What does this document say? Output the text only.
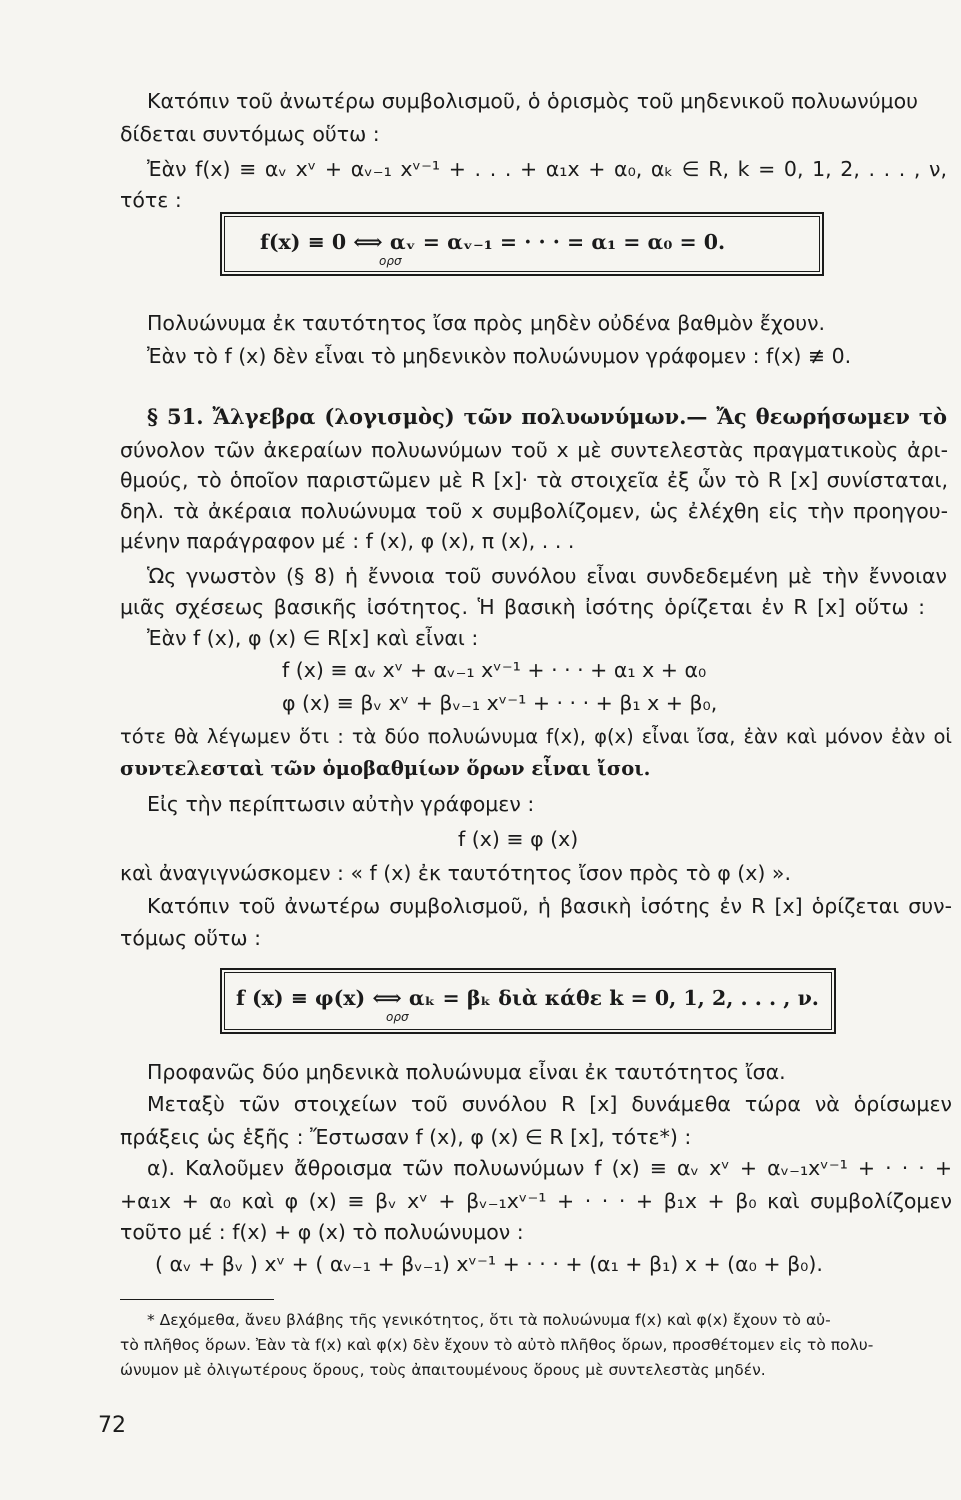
Κατόπιν τοῦ ἀνωτέρω συμβολισμοῦ, ὁ ὁρισμὸς τοῦ μηδενικοῦ πολυωνύμου
δίδεται συντόμως οὕτω :
Ἐὰν f(x) ≡ αᵥ xᵛ + αᵥ₋₁ xᵛ⁻¹ + . . . + α₁x + α₀, αₖ ∈ R, k = 0, 1, 2, . . . , ν,
τότε :
f(x) ≡ 0 ⟺ αᵥ = αᵥ₋₁ = · · · = α₁ = α₀ = 0.
ορσ
Πολυώνυμα ἐκ ταυτότητος ἴσα πρὸς μηδὲν οὐδένα βαθμὸν ἔχουν.
Ἐὰν τὸ f (x) δὲν εἶναι τὸ μηδενικὸν πολυώνυμον γράφομεν : f(x) ≢ 0.
§ 51. Ἄλγεβρα (λογισμὸς) τῶν πολυωνύμων.— Ἄς θεωρήσωμεν τὸ
σύνολον τῶν ἀκεραίων πολυωνύμων τοῦ x μὲ συντελεστὰς πραγματικοὺς ἀρι-
θμούς, τὸ ὁποῖον παριστῶμεν μὲ R [x]· τὰ στοιχεῖα ἐξ ὧν τὸ R [x] συνίσταται,
δηλ. τὰ ἀκέραια πολυώνυμα τοῦ x συμβολίζομεν, ὡς ἐλέχθη εἰς τὴν προηγου-
μένην παράγραφον μέ : f (x), φ (x), π (x), . . .
Ὡς γνωστὸν (§ 8) ἡ ἔννοια τοῦ συνόλου εἶναι συνδεδεμένη μὲ τὴν ἔννοιαν
μιᾶς σχέσεως βασικῆς ἰσότητος. Ἡ βασικὴ ἰσότης ὁρίζεται ἐν R [x] οὕτω :
Ἐὰν f (x), φ (x) ∈ R[x] καὶ εἶναι :
f (x) ≡ αᵥ xᵛ + αᵥ₋₁ xᵛ⁻¹ + · · · + α₁ x + α₀
φ (x) ≡ βᵥ xᵛ + βᵥ₋₁ xᵛ⁻¹ + · · · + β₁ x + β₀,
τότε θὰ λέγωμεν ὅτι : τὰ δύο πολυώνυμα f(x), φ(x) εἶναι ἴσα, ἐὰν καὶ μόνον ἐὰν οἱ
συντελεσταὶ τῶν ὁμοβαθμίων ὅρων εἶναι ἴσοι.
Εἰς τὴν περίπτωσιν αὐτὴν γράφομεν :
f (x) ≡ φ (x)
καὶ ἀναγιγνώσκομεν : « f (x) ἐκ ταυτότητος ἴσον πρὸς τὸ φ (x) ».
Κατόπιν τοῦ ἀνωτέρω συμβολισμοῦ, ἡ βασικὴ ἰσότης ἐν R [x] ὁρίζεται συν-
τόμως οὕτω :
f (x) ≡ φ(x) ⟺ αₖ = βₖ διὰ κάθε k = 0, 1, 2, . . . , ν.
ορσ
Προφανῶς δύο μηδενικὰ πολυώνυμα εἶναι ἐκ ταυτότητος ἴσα.
Μεταξὺ τῶν στοιχείων τοῦ συνόλου R [x] δυνάμεθα τώρα νὰ ὁρίσωμεν
πράξεις ὡς ἑξῆς : Ἔστωσαν f (x), φ (x) ∈ R [x], τότε*) :
α). Καλοῦμεν ἄθροισμα τῶν πολυωνύμων f (x) ≡ αᵥ xᵛ + αᵥ₋₁xᵛ⁻¹ + · · · +
+α₁x + α₀ καὶ φ (x) ≡ βᵥ xᵛ + βᵥ₋₁xᵛ⁻¹ + · · · + β₁x + β₀ καὶ συμβολίζομεν
τοῦτο μέ : f(x) + φ (x) τὸ πολυώνυμον :
( αᵥ + βᵥ ) xᵛ + ( αᵥ₋₁ + βᵥ₋₁) xᵛ⁻¹ + · · · + (α₁ + β₁) x + (α₀ + β₀).
* Δεχόμεθα, ἄνευ βλάβης τῆς γενικότητος, ὅτι τὰ πολυώνυμα f(x) καὶ φ(x) ἔχουν τὸ αὐ-
τὸ πλῆθος ὅρων. Ἐὰν τὰ f(x) καὶ φ(x) δὲν ἔχουν τὸ αὐτὸ πλῆθος ὅρων, προσθέτομεν εἰς τὸ πολυ-
ώνυμον μὲ ὀλιγωτέρους ὅρους, τοὺς ἀπαιτουμένους ὅρους μὲ συντελεστὰς μηδέν.
72
